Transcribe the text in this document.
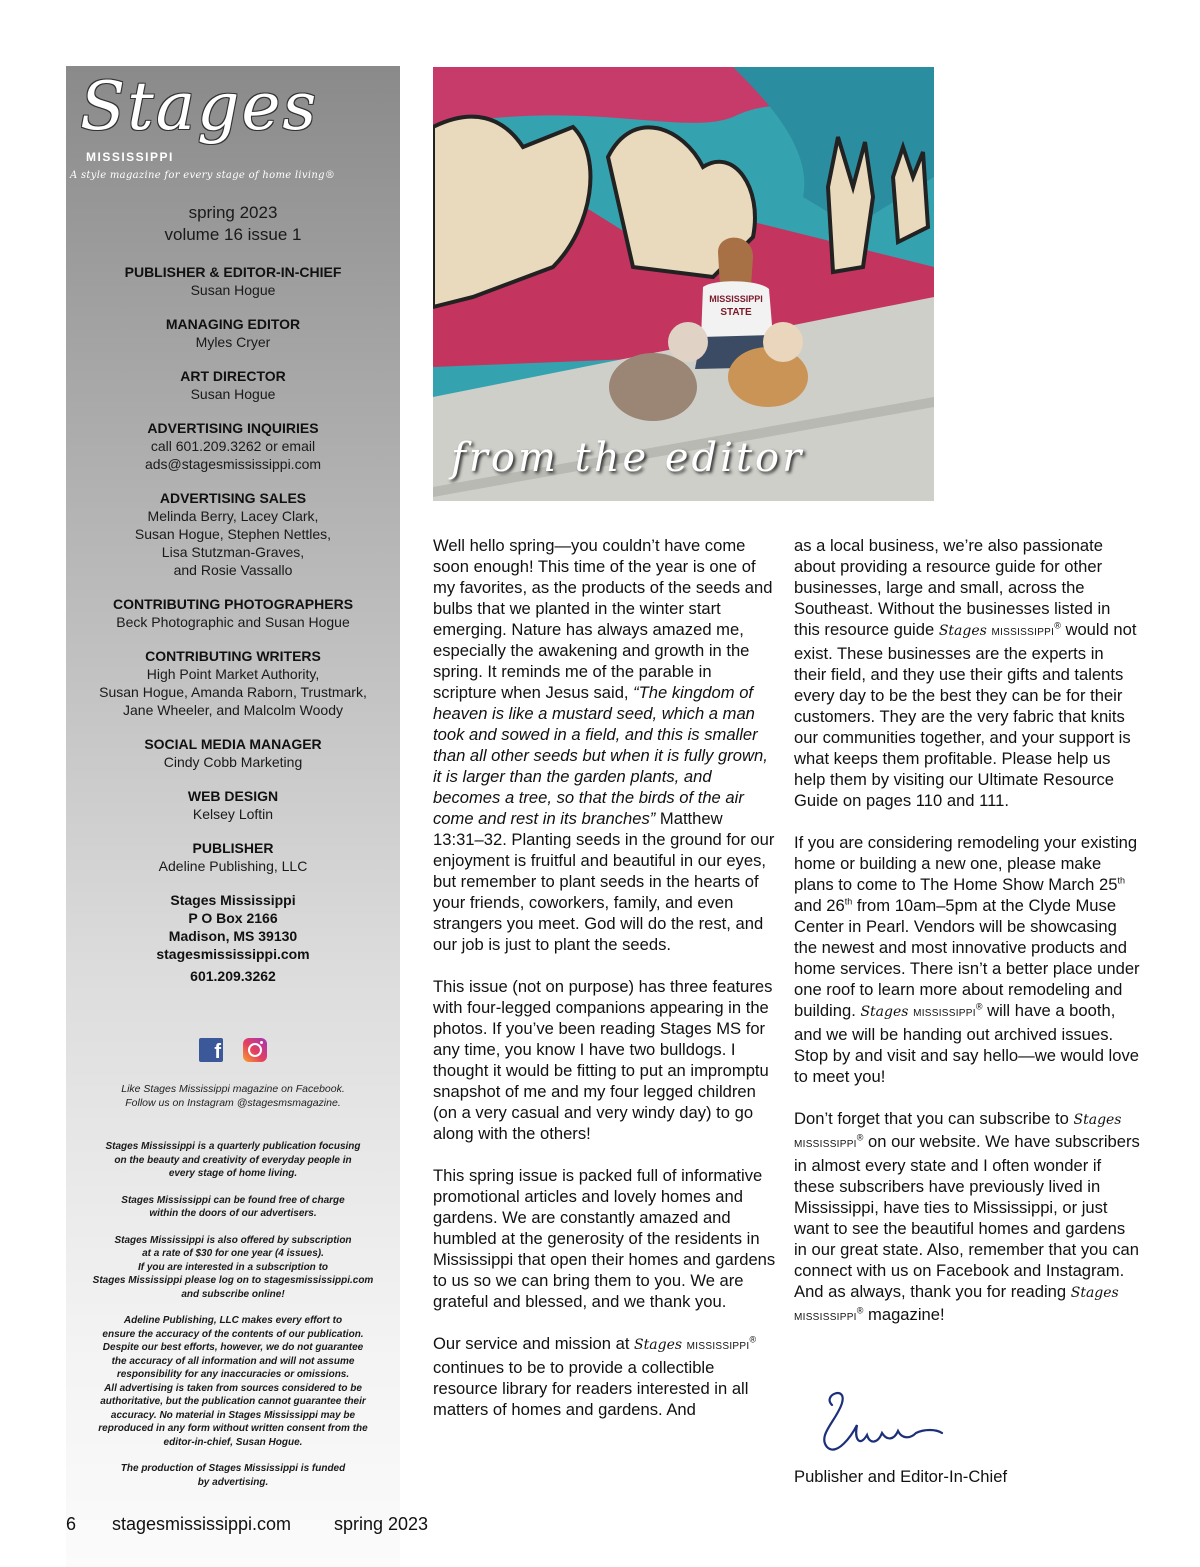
Stages
MISSISSIPPI
A style magazine for every stage of home living®
spring 2023
volume 16 issue 1
PUBLISHER & EDITOR-IN-CHIEF
Susan Hogue
MANAGING EDITOR
Myles Cryer
ART DIRECTOR
Susan Hogue
ADVERTISING INQUIRIES
call 601.209.3262 or email
ads@stagesmississippi.com
ADVERTISING SALES
Melinda Berry, Lacey Clark,
Susan Hogue, Stephen Nettles,
Lisa Stutzman-Graves,
and Rosie Vassallo
CONTRIBUTING PHOTOGRAPHERS
Beck Photographic and Susan Hogue
CONTRIBUTING WRITERS
High Point Market Authority,
Susan Hogue, Amanda Raborn, Trustmark,
Jane Wheeler, and Malcolm Woody
SOCIAL MEDIA MANAGER
Cindy Cobb Marketing
WEB DESIGN
Kelsey Loftin
PUBLISHER
Adeline Publishing, LLC
Stages Mississippi
P O Box 2166
Madison, MS 39130
stagesmississippi.com
601.209.3262
f
Like Stages Mississippi magazine on Facebook.
Follow us on Instagram @stagesmsmagazine.

Stages Mississippi is a quarterly publication focusing
on the beauty and creativity of everyday people in
every stage of home living.

Stages Mississippi can be found free of charge
within the doors of our advertisers.

Stages Mississippi is also offered by subscription
at a rate of $30 for one year (4 issues).
If you are interested in a subscription to
Stages Mississippi please log on to stagesmississippi.com
and subscribe online!

Adeline Publishing, LLC makes every effort to
ensure the accuracy of the contents of our publication.
Despite our best efforts, however, we do not guarantee
the accuracy of all information and will not assume
responsibility for any inaccuracies or omissions.
All advertising is taken from sources considered to be
authoritative, but the publication cannot guarantee their
accuracy. No material in Stages Mississippi may be
reproduced in any form without written consent from the
editor-in-chief, Susan Hogue.

The production of Stages Mississippi is funded
by advertising.

6 stagesmississippi.com spring 2023
MISSISSIPPI
STATE
from the editor

Well hello spring—you couldn’t have come soon enough! This time of the year is one of my favorites, as the products of the seeds and bulbs that we planted in the winter start emerging. Nature has always amazed me, especially the awakening and growth in the spring. It reminds me of the parable in scripture when Jesus said, “The kingdom of heaven is like a mustard seed, which a man took and sowed in a field, and this is smaller than all other seeds but when it is fully grown, it is larger than the garden plants, and becomes a tree, so that the birds of the air come and rest in its branches” Matthew 13:31–32. Planting seeds in the ground for our enjoyment is fruitful and beautiful in our eyes, but remember to plant seeds in the hearts of your friends, coworkers, family, and even strangers you meet. God will do the rest, and our job is just to plant the seeds.

This issue (not on purpose) has three features with four-legged companions appearing in the photos. If you’ve been reading Stages MS for any time, you know I have two bulldogs. I thought it would be fitting to put an impromptu snapshot of me and my four legged children (on a very casual and very windy day) to go along with the others!

This spring issue is packed full of informative promotional articles and lovely homes and gardens. We are constantly amazed and humbled at the generosity of the residents in Mississippi that open their homes and gardens to us so we can bring them to you. We are grateful and blessed, and we thank you.

Our service and mission at Stages MISSISSIPPI® continues to be to provide a collectible resource library for readers interested in all matters of homes and gardens. And

as a local business, we’re also passionate about providing a resource guide for other businesses, large and small, across the Southeast. Without the businesses listed in this resource guide Stages MISSISSIPPI® would not exist. These businesses are the experts in their field, and they use their gifts and talents every day to be the best they can be for their customers. They are the very fabric that knits our communities together, and your support is what keeps them profitable. Please help us help them by visiting our Ultimate Resource Guide on pages 110 and 111.

If you are considering remodeling your existing home or building a new one, please make plans to come to The Home Show March 25th and 26th from 10am–5pm at the Clyde Muse Center in Pearl. Vendors will be showcasing the newest and most innovative products and home services. There isn’t a better place under one roof to learn more about remodeling and building. Stages MISSISSIPPI® will have a booth, and we will be handing out archived issues. Stop by and visit and say hello—we would love to meet you!

Don’t forget that you can subscribe to Stages MISSISSIPPI® on our website. We have subscribers in almost every state and I often wonder if these subscribers have previously lived in Mississippi, have ties to Mississippi, or just want to see the beautiful homes and gardens in our great state. Also, remember that you can connect with us on Facebook and Instagram. And as always, thank you for reading Stages MISSISSIPPI® magazine!

Publisher and Editor-In-Chief
